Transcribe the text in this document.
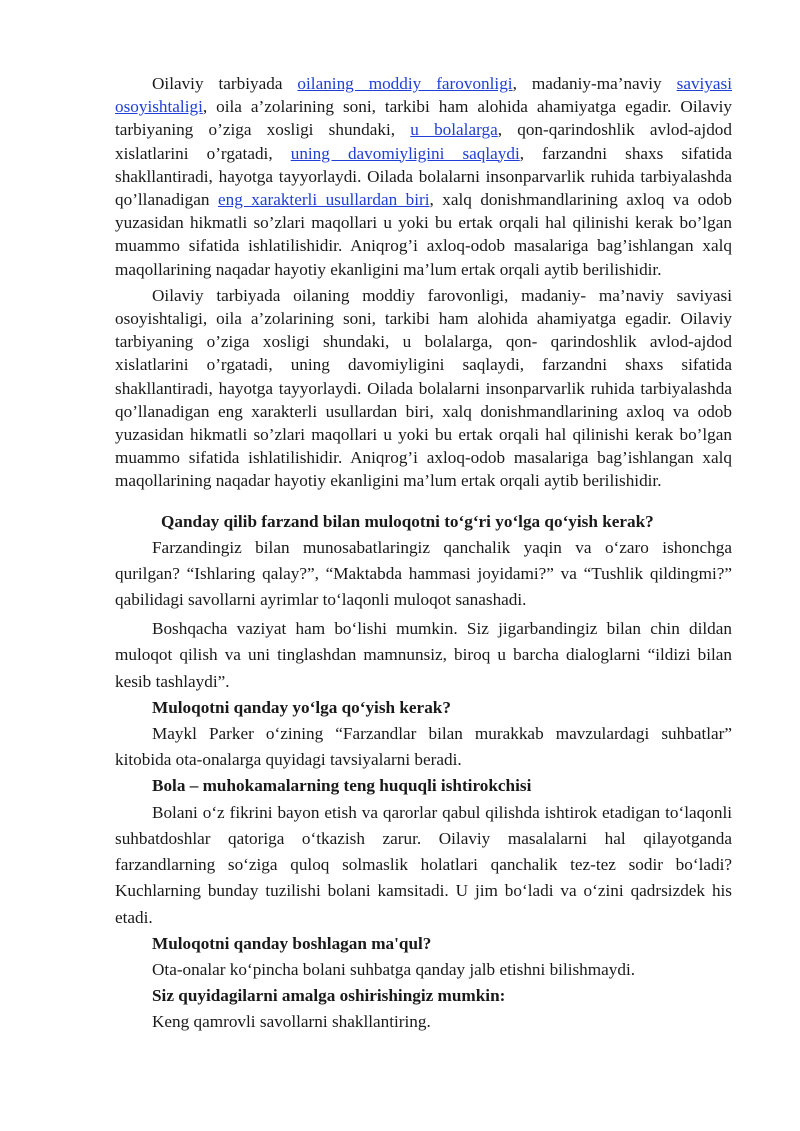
Oilaviy tarbiyada oilaning moddiy farovonligi, madaniy-ma’naviy saviyasi osoyishtaligi, oila a’zolarining soni, tarkibi ham alohida ahamiyatga egadir. Oilaviy tarbiyaning o’ziga xosligi shundaki, u bolalarga, qon-qarindoshlik avlod-ajdod xislatlarini o’rgatadi, uning davomiyligini saqlaydi, farzandni shaxs sifatida shakllantiradi, hayotga tayyorlaydi. Oilada bolalarni insonparvarlik ruhida tarbiyalashda qo’llanadigan eng xarakterli usullardan biri, xalq donishmandlarining axloq va odob yuzasidan hikmatli so’zlari maqollari u yoki bu ertak orqali hal qilinishi kerak bo’lgan muammo sifatida ishlatilishidir. Aniqrog’i axloq-odob masalariga bag’ishlangan xalq maqollarining naqadar hayotiy ekanligini ma’lum ertak orqali aytib berilishidir.

Oilaviy tarbiyada oilaning moddiy farovonligi, madaniy- ma’naviy saviyasi osoyishtaligi, oila a’zolarining soni, tarkibi ham alohida ahamiyatga egadir. Oilaviy tarbiyaning o’ziga xosligi shundaki, u bolalarga, qon- qarindoshlik avlod-ajdod xislatlarini o’rgatadi, uning davomiyligini saqlaydi, farzandni shaxs sifatida shakllantiradi, hayotga tayyorlaydi. Oilada bolalarni insonparvarlik ruhida tarbiyalashda qo’llanadigan eng xarakterli usullardan biri, xalq donishmandlarining axloq va odob yuzasidan hikmatli so’zlari maqollari u yoki bu ertak orqali hal qilinishi kerak bo’lgan muammo sifatida ishlatilishidir. Aniqrog’i axloq-odob masalariga bag’ishlangan xalq maqollarining naqadar hayotiy ekanligini ma’lum ertak orqali aytib berilishidir.

Qanday qilib farzand bilan muloqotni to‘g‘ri yo‘lga qo‘yish kerak?

Farzandingiz bilan munosabatlaringiz qanchalik yaqin va o‘zaro ishonchga qurilgan? “Ishlaring qalay?”, “Maktabda hammasi joyidami?” va “Tushlik qildingmi?” qabilidagi savollarni ayrimlar to‘laqonli muloqot sanashadi.

Boshqacha vaziyat ham bo‘lishi mumkin. Siz jigarbandingiz bilan chin dildan muloqot qilish va uni tinglashdan mamnunsiz, biroq u barcha dialoglarni “ildizi bilan kesib tashlaydi”.

Muloqotni qanday yo‘lga qo‘yish kerak?

Maykl Parker o‘zining “Farzandlar bilan murakkab mavzulardagi suhbatlar” kitobida ota-onalarga quyidagi tavsiyalarni beradi.

Bola – muhokamalarning teng huquqli ishtirokchisi

Bolani o‘z fikrini bayon etish va qarorlar qabul qilishda ishtirok etadigan to‘laqonli suhbatdoshlar qatoriga o‘tkazish zarur. Oilaviy masalalarni hal qilayotganda farzandlarning so‘ziga quloq solmaslik holatlari qanchalik tez-tez sodir bo‘ladi? Kuchlarning bunday tuzilishi bolani kamsitadi. U jim bo‘ladi va o‘zini qadrsizdek his etadi.

Muloqotni qanday boshlagan ma'qul?

Ota-onalar ko‘pincha bolani suhbatga qanday jalb etishni bilishmaydi.

Siz quyidagilarni amalga oshirishingiz mumkin:

Keng qamrovli savollarni shakllantiring.
